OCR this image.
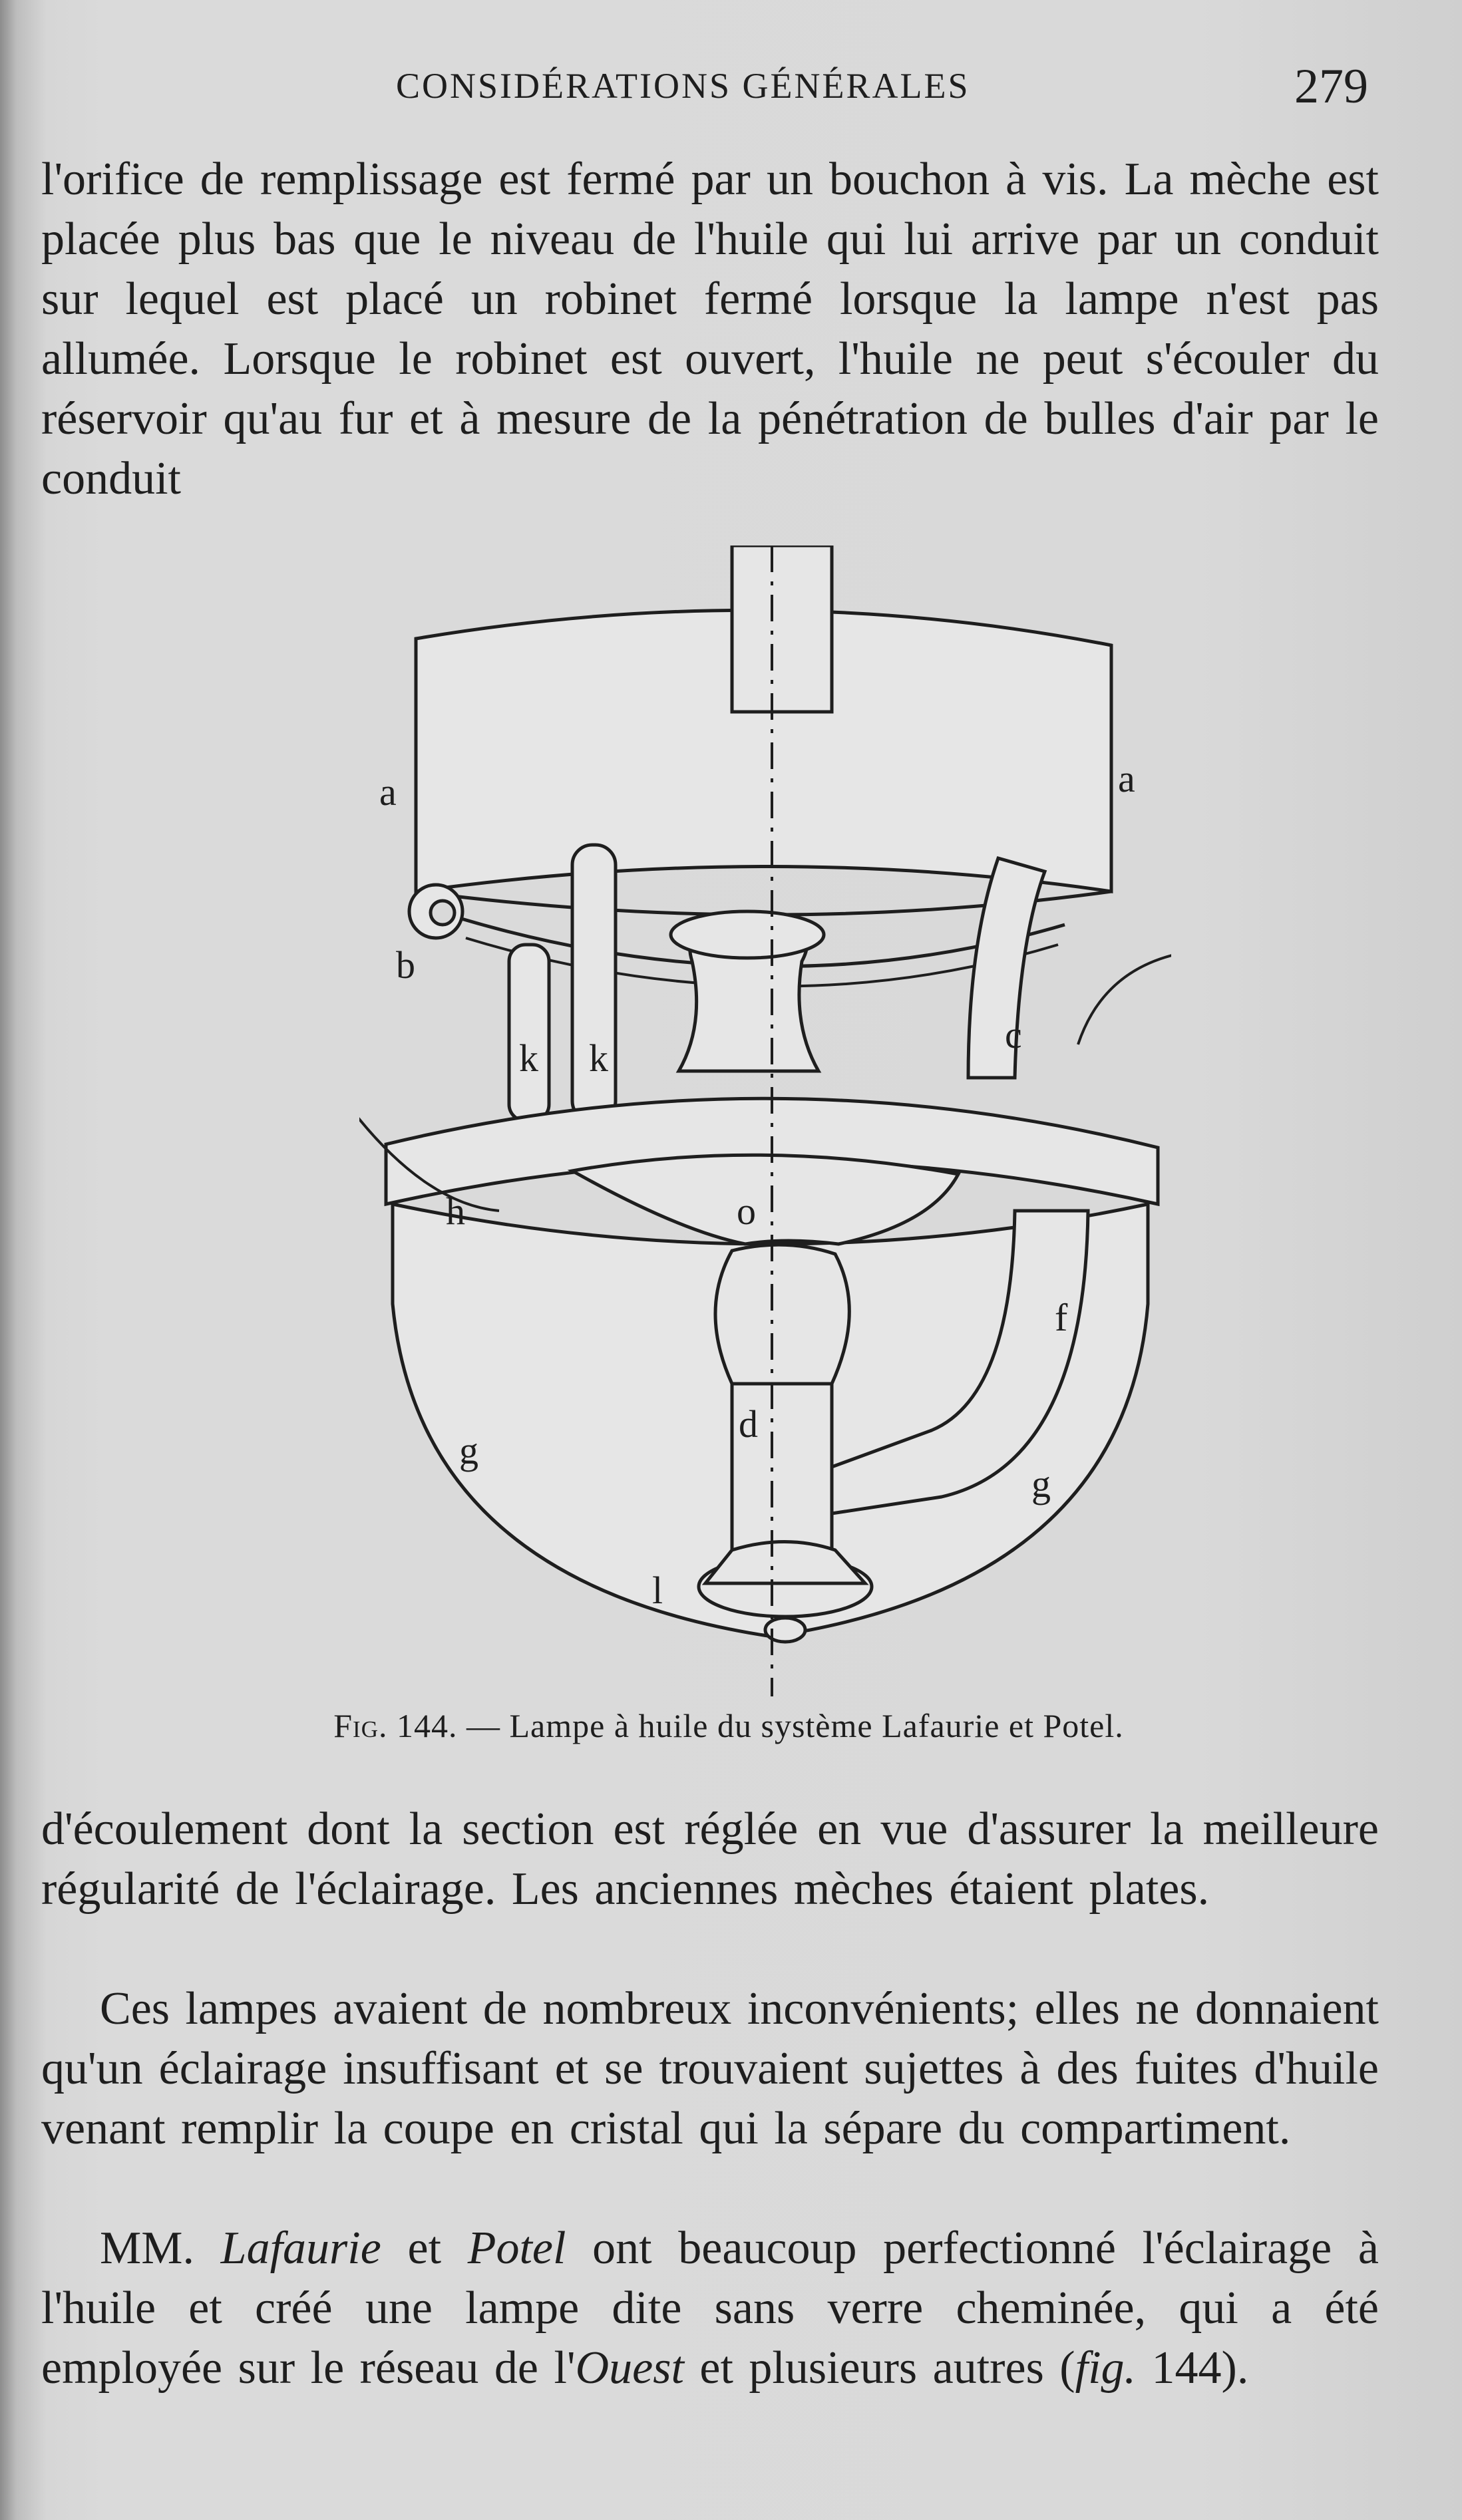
CONSIDÉRATIONS GÉNÉRALES	279

l'orifice de remplissage est fermé par un bouchon à vis. La mèche est placée plus bas que le niveau de l'huile qui lui arrive par un conduit sur lequel est placé un robinet fermé lorsque la lampe n'est pas allumée. Lorsque le robinet est ouvert, l'huile ne peut s'écouler du réservoir qu'au fur et à mesure de la pénétration de bulles d'air par le conduit

a	a
b
k k
c
h	o
f
d
g
g
l
Fig. 144. — Lampe à huile du système Lafaurie et Potel.

d'écoulement dont la section est réglée en vue d'assurer la meilleure régularité de l'éclairage. Les anciennes mèches étaient plates.

Ces lampes avaient de nombreux inconvénients; elles ne donnaient qu'un éclairage insuffisant et se trouvaient sujettes à des fuites d'huile venant remplir la coupe en cristal qui la sépare du compartiment.

MM. Lafaurie et Potel ont beaucoup perfectionné l'éclairage à l'huile et créé une lampe dite sans verre cheminée, qui a été employée sur le réseau de l'Ouest et plusieurs autres (fig. 144).
